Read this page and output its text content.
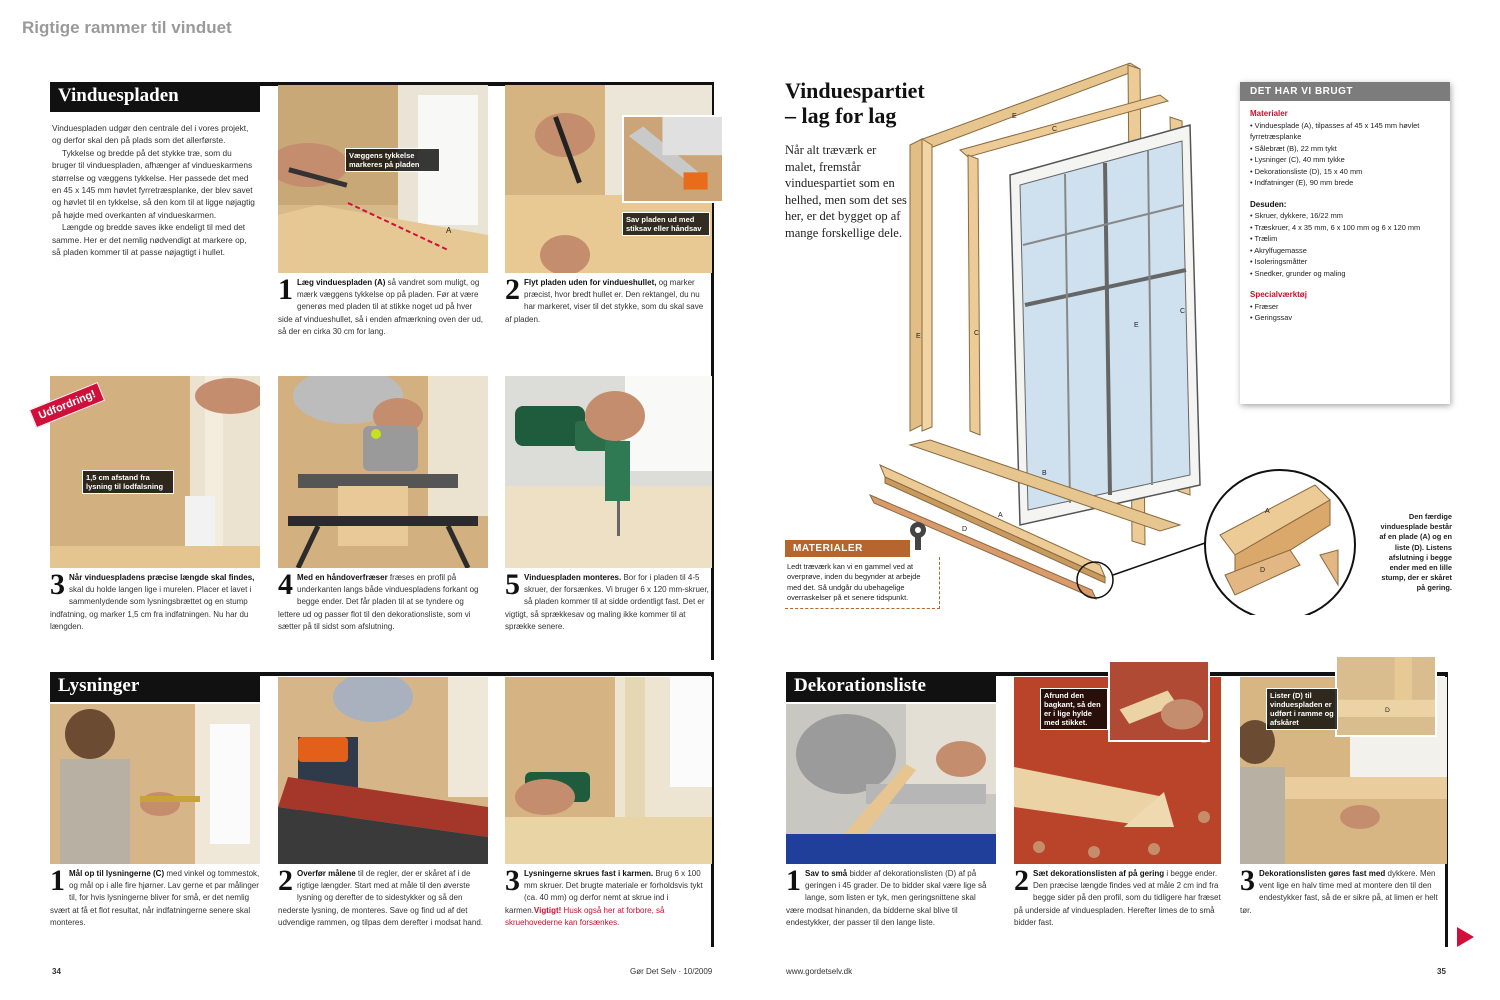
Rigtige rammer til vinduet
Vinduespladen

Vinduespladen udgør den centrale del i vores projekt, og derfor skal den på plads som det allerførste.

Tykkelse og bredde på det stykke træ, som du bruger til vinduespladen, afhænger af vindueskarmens størrelse og væggens tykkelse. Her passede det med en 45 x 145 mm høvlet fyrretræsplanke, der blev savet og høvlet til en tykkelse, så den kom til at ligge nøjagtig på højde med overkanten af vindueskarmen.

Længde og bredde saves ikke endeligt til med det samme. Her er det nemlig nødvendigt at markere op, så pladen kommer til at passe nøjagtigt i hullet.

A
Væggens tykkelse markeres på pladen
Sav pladen ud med stiksav eller håndsav
1 Læg vinduespladen (A) så vandret som muligt, og mærk væggens tykkelse op på pladen. Før at være generøs med pladen til at stikke noget ud på hver side af vindueshullet, så i enden afmærkning oven der ud, så der en cirka 30 cm for lang.
2 Flyt pladen uden for vindueshullet, og marker præcist, hvor bredt hullet er. Den rektangel, du nu har markeret, viser til det stykke, som du skal save af pladen.
Udfordring!
1,5 cm afstand fra lysning til lodfalsning
3 Når vinduespladens præcise længde skal findes, skal du holde langen lige i murelen. Placer et lavet i sammenlydende som lysningsbrættet og en stump indfatning, og marker 1,5 cm fra indfatningen. Nu har du længden.
4 Med en håndoverfræser fræses en profil på underkanten langs både vinduespladens forkant og begge ender. Det får pladen til at se tyndere og lettere ud og passer flot til den dekorationsliste, som vi sætter på til sidst som afslutning.
5 Vinduespladen monteres. Bor for i pladen til 4-5 skruer, der forsænkes. Vi bruger 6 x 120 mm-skruer, så pladen kommer til at sidde ordentligt fast. Det er vigtigt, så sprækkesav og maling ikke kommer til at sprække senere.
Lysninger
1 Mål op til lysningerne (C) med vinkel og tommestok, og mål op i alle fire hjørner. Lav gerne et par målinger til, for hvis lysningerne bliver for små, er det nemlig svært at få et flot resultat, når indfatningerne senere skal monteres.
2 Overfør målene til de regler, der er skåret af i de rigtige længder. Start med at måle til den øverste lysning og derefter de to sidestykker og så den nederste lysning, de monteres. Save og find ud af det udvendige rammen, og tilpas dem derefter i modsat hand.
3 Lysningerne skrues fast i karmen. Brug 6 x 100 mm skruer. Det brugte materiale er forholdsvis tykt (ca. 40 mm) og derfor nemt at skrue ind i karmen.Vigtigt! Husk også her at forbore, så skruehovederne kan forsænkes.
34	Gør Det Selv · 10/2009
Vinduespartiet
– lag for lag
Når alt træværk er malet, fremstår vinduespartiet som en helhed, men som det ses her, er det bygget op af mange forskellige dele.
E
C
E	C
E
C
B
A
D
A
D
DET HAR VI BRUGT
Materialer
• Vinduesplade (A), tilpasses af 45 x 145 mm høvlet fyrretræsplanke
• Sålebræt (B), 22 mm tykt
• Lysninger (C), 40 mm tykke
• Dekorationsliste (D), 15 x 40 mm
• Indfatninger (E), 90 mm brede
Desuden:
• Skruer, dykkere, 16/22 mm
• Træskruer, 4 x 35 mm, 6 x 100 mm og 6 x 120 mm
• Trælim
• Akrylfugemasse
• Isoleringsmåtter
• Snedker, grunder og maling
Specialværktøj
• Fræser
• Geringssav
MATERIALER
Ledt træværk kan vi en gammel ved at overprøve, inden du begynder at arbejde med det. Så undgår du ubehagelige overraskelser på et senere tidspunkt.
Den færdige vinduesplade består af en plade (A) og en liste (D). Listens afslutning i begge ender med en lille stump, der er skåret på gering.
Dekorationsliste	Afrund den bagkant, så den er i lige hylde med stikket.
D
Lister (D) til vinduespladen er udført i ramme og afskåret
1 Sav to små bidder af dekorationslisten (D) af på geringen i 45 grader. De to bidder skal være lige så lange, som listen er tyk, men geringsnittene skal være modsat hinanden, da bidderne skal blive til endestykker, der passer til den lange liste.
2 Sæt dekorationslisten af på gering i begge ender. Den præcise længde findes ved at måle 2 cm ind fra begge sider på den profil, som du tidligere har fræset på underside af vinduespladen. Herefter limes de to små bidder fast.
3 Dekorationslisten gøres fast med dykkere. Men vent lige en halv time med at montere den til den endestykker fast, så de er sikre på, at limen er helt tør.
www.gordetselv.dk	35
